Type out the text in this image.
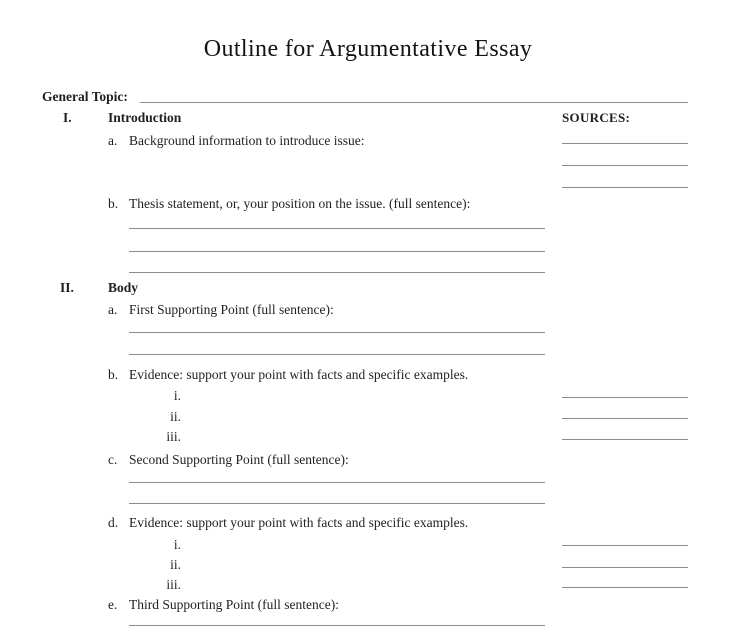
Outline for Argumentative Essay
General Topic:
I.	Introduction	SOURCES:
a. Background information to introduce issue:
b. Thesis statement, or, your position on the issue. (full sentence):
II.	Body
a. First Supporting Point (full sentence):
b. Evidence: support your point with facts and specific examples.
i.
ii.
iii.
c. Second Supporting Point (full sentence):
d. Evidence: support your point with facts and specific examples.
i.
ii.
iii.
e. Third Supporting Point (full sentence):
